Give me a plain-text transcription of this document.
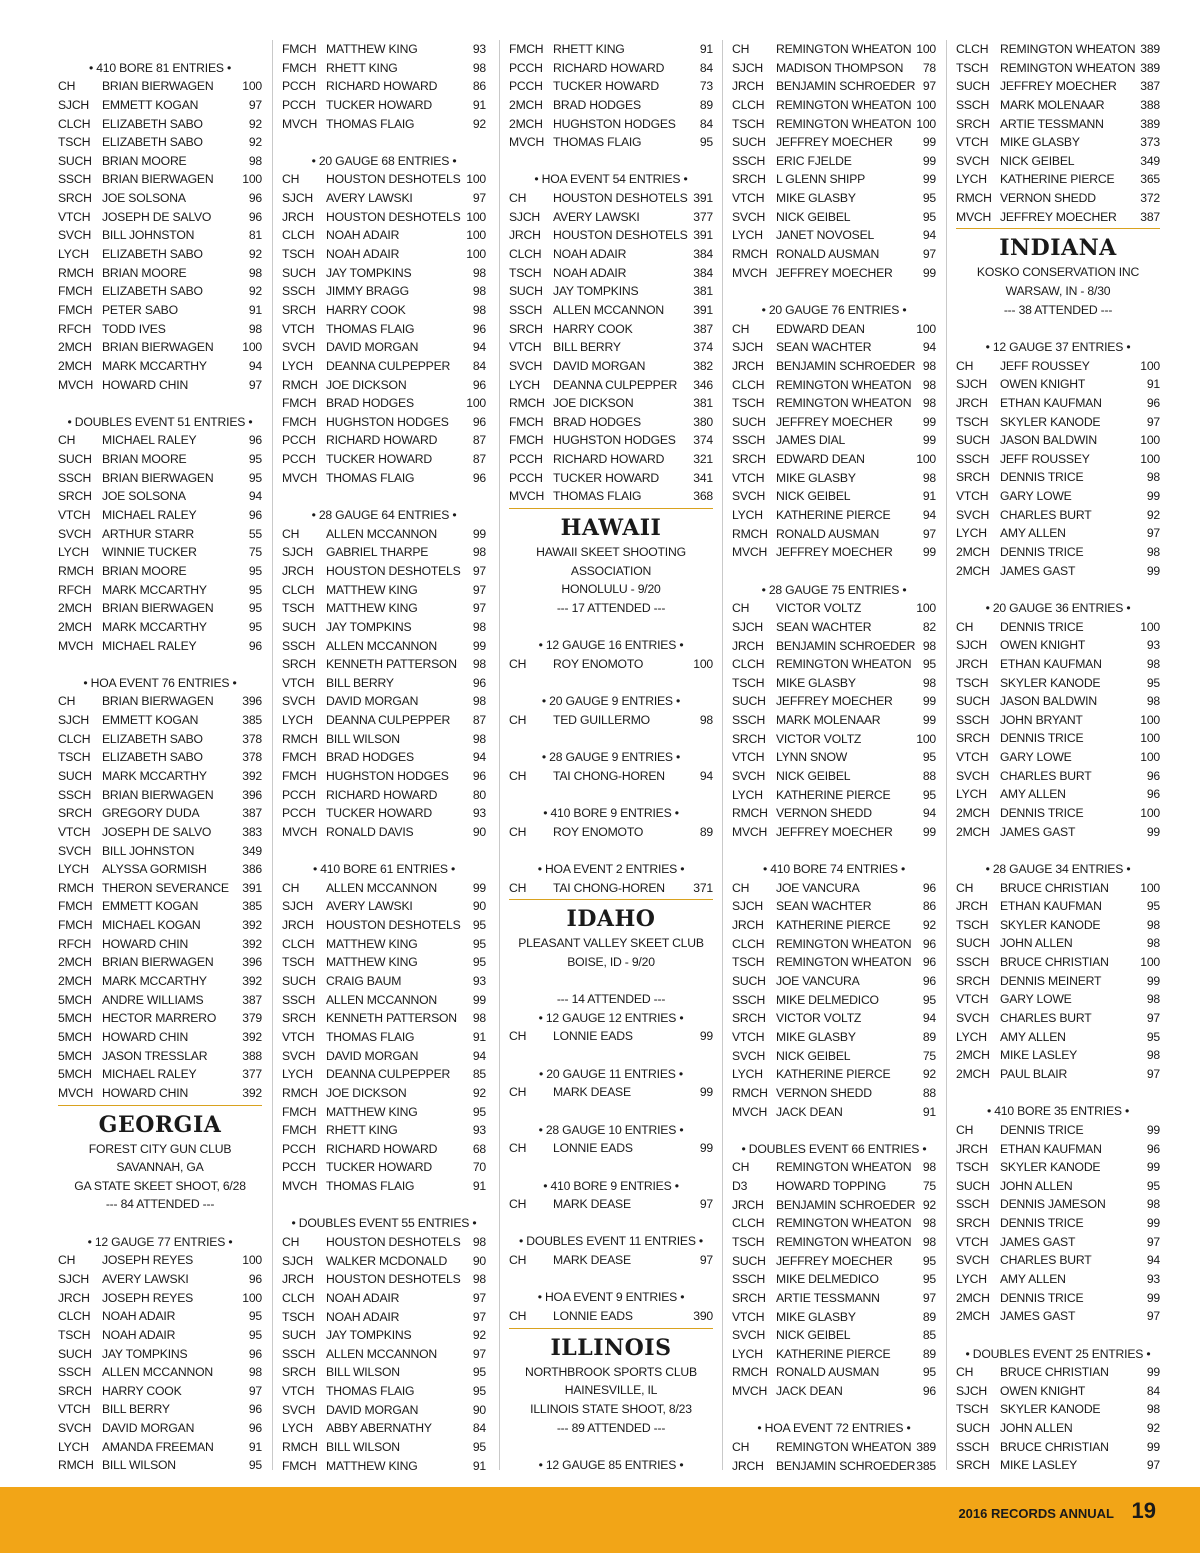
• 410 BORE 81 ENTRIES •
CH	BRIAN BIERWAGEN 100
SJCH	EMMETT KOGAN	97
CLCH ELIZABETH SABO	92
TSCH ELIZABETH SABO	92
SUCH BRIAN MOORE	98
SSCH BRIAN BIERWAGEN 100
SRCH JOE SOLSONA	96
VTCH JOSEPH DE SALVO	96
SVCH BILL JOHNSTON	81
LYCH	ELIZABETH SABO	92
RMCH BRIAN MOORE	98
FMCH ELIZABETH SABO	92
FMCH PETER SABO	91
RFCH TODD IVES	98
2MCH BRIAN BIERWAGEN 100
2MCH MARK MCCARTHY	94
MVCH HOWARD CHIN	97
• DOUBLES EVENT 51 ENTRIES •
CH	MICHAEL RALEY	96
SUCH BRIAN MOORE	95
SSCH BRIAN BIERWAGEN	95
SRCH JOE SOLSONA	94
VTCH MICHAEL RALEY	96
SVCH ARTHUR STARR	55
LYCH	WINNIE TUCKER	75
RMCH BRIAN MOORE	95
RFCH MARK MCCARTHY	95
2MCH BRIAN BIERWAGEN	95
2MCH MARK MCCARTHY	95
MVCH MICHAEL RALEY	96
• HOA EVENT 76 ENTRIES •
CH	BRIAN BIERWAGEN 396
SJCH	EMMETT KOGAN	385
CLCH ELIZABETH SABO	378
TSCH ELIZABETH SABO	378
SUCH MARK MCCARTHY	392
SSCH BRIAN BIERWAGEN 396
SRCH GREGORY DUDA	387
VTCH JOSEPH DE SALVO	383
SVCH BILL JOHNSTON	349
LYCH	ALYSSA GORMISH	386
RMCH THERON SEVERANCE 391
FMCH EMMETT KOGAN	385
FMCH MICHAEL KOGAN	392
RFCH HOWARD CHIN	392
2MCH BRIAN BIERWAGEN 396
2MCH MARK MCCARTHY	392
5MCH ANDRE WILLIAMS	387
5MCH HECTOR MARRERO 379
5MCH HOWARD CHIN	392
5MCH JASON TRESSLAR	388
5MCH MICHAEL RALEY	377
MVCH HOWARD CHIN	392
GEORGIA
FOREST CITY GUN CLUB
SAVANNAH, GA
GA STATE SKEET SHOOT, 6/28
--- 84 ATTENDED ---
• 12 GAUGE 77 ENTRIES •
CH	JOSEPH REYES	100
SJCH	AVERY LAWSKI	96
JRCH	JOSEPH REYES	100
CLCH NOAH ADAIR	95
TSCH NOAH ADAIR	95
SUCH JAY TOMPKINS	96
SSCH ALLEN MCCANNON	98
SRCH HARRY COOK	97
VTCH BILL BERRY	96
SVCH DAVID MORGAN	96
LYCH	AMANDA FREEMAN	91
RMCH BILL WILSON	95
FMCH MATTHEW KING	93
FMCH RHETT KING	98
PCCH RICHARD HOWARD	86
PCCH TUCKER HOWARD	91
MVCH THOMAS FLAIG	92
• 20 GAUGE 68 ENTRIES •
CH	HOUSTON DESHOTELS 100
SJCH	AVERY LAWSKI	97
JRCH	HOUSTON DESHOTELS 100
CLCH NOAH ADAIR	100
TSCH NOAH ADAIR	100
SUCH JAY TOMPKINS	98
SSCH JIMMY BRAGG	98
SRCH HARRY COOK	98
VTCH THOMAS FLAIG	96
SVCH DAVID MORGAN	94
LYCH	DEANNA CULPEPPER 84
RMCH JOE DICKSON	96
FMCH BRAD HODGES	100
FMCH HUGHSTON HODGES 96
PCCH RICHARD HOWARD	87
PCCH TUCKER HOWARD	87
MVCH THOMAS FLAIG	96
• 28 GAUGE 64 ENTRIES •
CH	ALLEN MCCANNON	99
SJCH	GABRIEL THARPE	98
JRCH	HOUSTON DESHOTELS 97
CLCH MATTHEW KING	97
TSCH MATTHEW KING	97
SUCH JAY TOMPKINS	98
SSCH ALLEN MCCANNON	99
SRCH KENNETH PATTERSON 98
VTCH BILL BERRY	96
SVCH DAVID MORGAN	98
LYCH	DEANNA CULPEPPER 87
RMCH BILL WILSON	98
FMCH BRAD HODGES	94
FMCH HUGHSTON HODGES 96
PCCH RICHARD HOWARD	80
PCCH TUCKER HOWARD	93
MVCH RONALD DAVIS	90
• 410 BORE 61 ENTRIES •
CH	ALLEN MCCANNON	99
SJCH	AVERY LAWSKI	90
JRCH	HOUSTON DESHOTELS 95
CLCH MATTHEW KING	95
TSCH MATTHEW KING	95
SUCH CRAIG BAUM	93
SSCH ALLEN MCCANNON	99
SRCH KENNETH PATTERSON 98
VTCH THOMAS FLAIG	91
SVCH DAVID MORGAN	94
LYCH	DEANNA CULPEPPER 85
RMCH JOE DICKSON	92
FMCH MATTHEW KING	95
FMCH RHETT KING	93
PCCH RICHARD HOWARD	68
PCCH TUCKER HOWARD	70
MVCH THOMAS FLAIG	91
• DOUBLES EVENT 55 ENTRIES •
CH	HOUSTON DESHOTELS 98
SJCH	WALKER MCDONALD 90
JRCH	HOUSTON DESHOTELS 98
CLCH NOAH ADAIR	97
TSCH NOAH ADAIR	97
SUCH JAY TOMPKINS	92
SSCH ALLEN MCCANNON	97
SRCH BILL WILSON	95
VTCH THOMAS FLAIG	95
SVCH DAVID MORGAN	90
LYCH	ABBY ABERNATHY	84
RMCH BILL WILSON	95
FMCH MATTHEW KING	91
FMCH RHETT KING	91
PCCH RICHARD HOWARD	84
PCCH TUCKER HOWARD	73
2MCH BRAD HODGES	89
2MCH HUGHSTON HODGES 84
MVCH THOMAS FLAIG	95
• HOA EVENT 54 ENTRIES •
CH	HOUSTON DESHOTELS 391
SJCH	AVERY LAWSKI	377
JRCH	HOUSTON DESHOTELS 391
CLCH NOAH ADAIR	384
TSCH NOAH ADAIR	384
SUCH JAY TOMPKINS	381
SSCH ALLEN MCCANNON 391
SRCH HARRY COOK	387
VTCH BILL BERRY	374
SVCH DAVID MORGAN	382
LYCH	DEANNA CULPEPPER 346
RMCH JOE DICKSON	381
FMCH BRAD HODGES	380
FMCH HUGHSTON HODGES 374
PCCH RICHARD HOWARD 321
PCCH TUCKER HOWARD	341
MVCH THOMAS FLAIG	368
HAWAII
HAWAII SKEET SHOOTING
ASSOCIATION
HONOLULU - 9/20
--- 17 ATTENDED ---
• 12 GAUGE 16 ENTRIES •
CH	ROY ENOMOTO	100
• 20 GAUGE 9 ENTRIES •
CH	TED GUILLERMO	98
• 28 GAUGE 9 ENTRIES •
CH	TAI CHONG-HOREN	94
• 410 BORE 9 ENTRIES •
CH	ROY ENOMOTO	89
• HOA EVENT 2 ENTRIES •
CH	TAI CHONG-HOREN 371
IDAHO
PLEASANT VALLEY SKEET CLUB
BOISE, ID - 9/20
--- 14 ATTENDED ---
• 12 GAUGE 12 ENTRIES •
CH	LONNIE EADS	99
• 20 GAUGE 11 ENTRIES •
CH	MARK DEASE	99
• 28 GAUGE 10 ENTRIES •
CH	LONNIE EADS	99
• 410 BORE 9 ENTRIES •
CH	MARK DEASE	97
• DOUBLES EVENT 11 ENTRIES •
CH	MARK DEASE	97
• HOA EVENT 9 ENTRIES •
CH	LONNIE EADS	390
ILLINOIS
NORTHBROOK SPORTS CLUB
HAINESVILLE, IL
ILLINOIS STATE SHOOT, 8/23
--- 89 ATTENDED ---
• 12 GAUGE 85 ENTRIES •
CH	REMINGTON WHEATON 100
SJCH	MADISON THOMPSON 78
JRCH	BENJAMIN SCHROEDER 97
CLCH REMINGTON WHEATON 100
TSCH REMINGTON WHEATON 100
SUCH JEFFREY MOECHER 99
SSCH ERIC FJELDE	99
SRCH L GLENN SHIPP	99
VTCH MIKE GLASBY	95
SVCH NICK GEIBEL	95
LYCH	JANET NOVOSEL	94
RMCH RONALD AUSMAN	97
MVCH JEFFREY MOECHER 99
• 20 GAUGE 76 ENTRIES •
CH	EDWARD DEAN	100
SJCH	SEAN WACHTER	94
JRCH	BENJAMIN SCHROEDER 98
CLCH REMINGTON WHEATON 98
TSCH REMINGTON WHEATON 98
SUCH JEFFREY MOECHER 99
SSCH JAMES DIAL	99
SRCH EDWARD DEAN	100
VTCH MIKE GLASBY	98
SVCH NICK GEIBEL	91
LYCH	KATHERINE PIERCE	94
RMCH RONALD AUSMAN	97
MVCH JEFFREY MOECHER 99
• 28 GAUGE 75 ENTRIES •
CH	VICTOR VOLTZ	100
SJCH	SEAN WACHTER	82
JRCH	BENJAMIN SCHROEDER 98
CLCH REMINGTON WHEATON 95
TSCH MIKE GLASBY	98
SUCH JEFFREY MOECHER 99
SSCH MARK MOLENAAR	99
SRCH VICTOR VOLTZ	100
VTCH LYNN SNOW	95
SVCH NICK GEIBEL	88
LYCH	KATHERINE PIERCE	95
RMCH VERNON SHEDD	94
MVCH JEFFREY MOECHER 99
• 410 BORE 74 ENTRIES •
CH	JOE VANCURA	96
SJCH	SEAN WACHTER	86
JRCH	KATHERINE PIERCE	92
CLCH REMINGTON WHEATON 96
TSCH REMINGTON WHEATON 96
SUCH JOE VANCURA	96
SSCH MIKE DELMEDICO	95
SRCH VICTOR VOLTZ	94
VTCH MIKE GLASBY	89
SVCH NICK GEIBEL	75
LYCH	KATHERINE PIERCE	92
RMCH VERNON SHEDD	88
MVCH JACK DEAN	91
• DOUBLES EVENT 66 ENTRIES •
CH	REMINGTON WHEATON 98
D3	HOWARD TOPPING	75
JRCH	BENJAMIN SCHROEDER 92
CLCH REMINGTON WHEATON 98
TSCH REMINGTON WHEATON 98
SUCH JEFFREY MOECHER 95
SSCH MIKE DELMEDICO	95
SRCH ARTIE TESSMANN	97
VTCH MIKE GLASBY	89
SVCH NICK GEIBEL	85
LYCH	KATHERINE PIERCE	89
RMCH RONALD AUSMAN	95
MVCH JACK DEAN	96
• HOA EVENT 72 ENTRIES •
CH	REMINGTON WHEATON 389
JRCH	BENJAMIN SCHROEDER 385
CLCH REMINGTON WHEATON 389
TSCH REMINGTON WHEATON 389
SUCH JEFFREY MOECHER 387
SSCH MARK MOLENAAR	388
SRCH ARTIE TESSMANN	389
VTCH MIKE GLASBY	373
SVCH NICK GEIBEL	349
LYCH	KATHERINE PIERCE 365
RMCH VERNON SHEDD	372
MVCH JEFFREY MOECHER 387
INDIANA
KOSKO CONSERVATION INC
WARSAW, IN - 8/30
--- 38 ATTENDED ---
• 12 GAUGE 37 ENTRIES •
CH	JEFF ROUSSEY	100
SJCH	OWEN KNIGHT	91
JRCH	ETHAN KAUFMAN	96
TSCH SKYLER KANODE	97
SUCH JASON BALDWIN	100
SSCH JEFF ROUSSEY	100
SRCH DENNIS TRICE	98
VTCH GARY LOWE	99
SVCH CHARLES BURT	92
LYCH	AMY ALLEN	97
2MCH DENNIS TRICE	98
2MCH JAMES GAST	99
• 20 GAUGE 36 ENTRIES •
CH	DENNIS TRICE	100
SJCH	OWEN KNIGHT	93
JRCH	ETHAN KAUFMAN	98
TSCH SKYLER KANODE	95
SUCH JASON BALDWIN	98
SSCH JOHN BRYANT	100
SRCH DENNIS TRICE	100
VTCH GARY LOWE	100
SVCH CHARLES BURT	96
LYCH	AMY ALLEN	96
2MCH DENNIS TRICE	100
2MCH JAMES GAST	99
• 28 GAUGE 34 ENTRIES •
CH	BRUCE CHRISTIAN	100
JRCH	ETHAN KAUFMAN	95
TSCH SKYLER KANODE	98
SUCH JOHN ALLEN	98
SSCH BRUCE CHRISTIAN	100
SRCH DENNIS MEINERT	99
VTCH GARY LOWE	98
SVCH CHARLES BURT	97
LYCH	AMY ALLEN	95
2MCH MIKE LASLEY	98
2MCH PAUL BLAIR	97
• 410 BORE 35 ENTRIES •
CH	DENNIS TRICE	99
JRCH	ETHAN KAUFMAN	96
TSCH SKYLER KANODE	99
SUCH JOHN ALLEN	95
SSCH DENNIS JAMESON	98
SRCH DENNIS TRICE	99
VTCH JAMES GAST	97
SVCH CHARLES BURT	94
LYCH	AMY ALLEN	93
2MCH DENNIS TRICE	99
2MCH JAMES GAST	97
• DOUBLES EVENT 25 ENTRIES •
CH	BRUCE CHRISTIAN	99
SJCH	OWEN KNIGHT	84
TSCH SKYLER KANODE	98
SUCH JOHN ALLEN	92
SSCH BRUCE CHRISTIAN	99
SRCH MIKE LASLEY	97
2016 RECORDS ANNUAL 19
